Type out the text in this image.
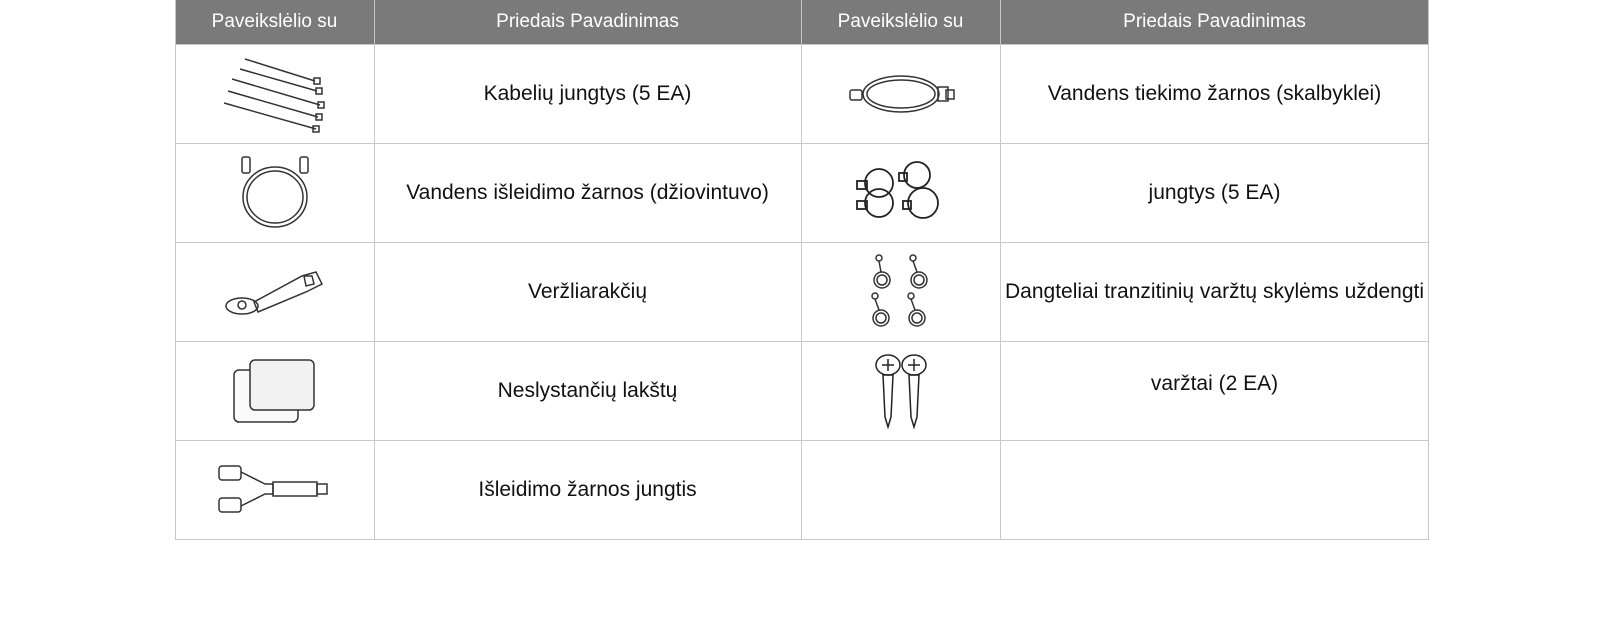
Paveikslėlio su	Priedais Pavadinimas	Paveikslėlio su	Priedais Pavadinimas
Kabelių jungtys (5 EA)	Vandens tiekimo žarnos (skalbyklei)
Vandens išleidimo žarnos (džiovintuvo)	jungtys (5 EA)
Veržliarakčių	Dangteliai tranzitinių varžtų skylėms uždengti
Neslystančių lakštų	varžtai (2 EA)
Išleidimo žarnos jungtis
